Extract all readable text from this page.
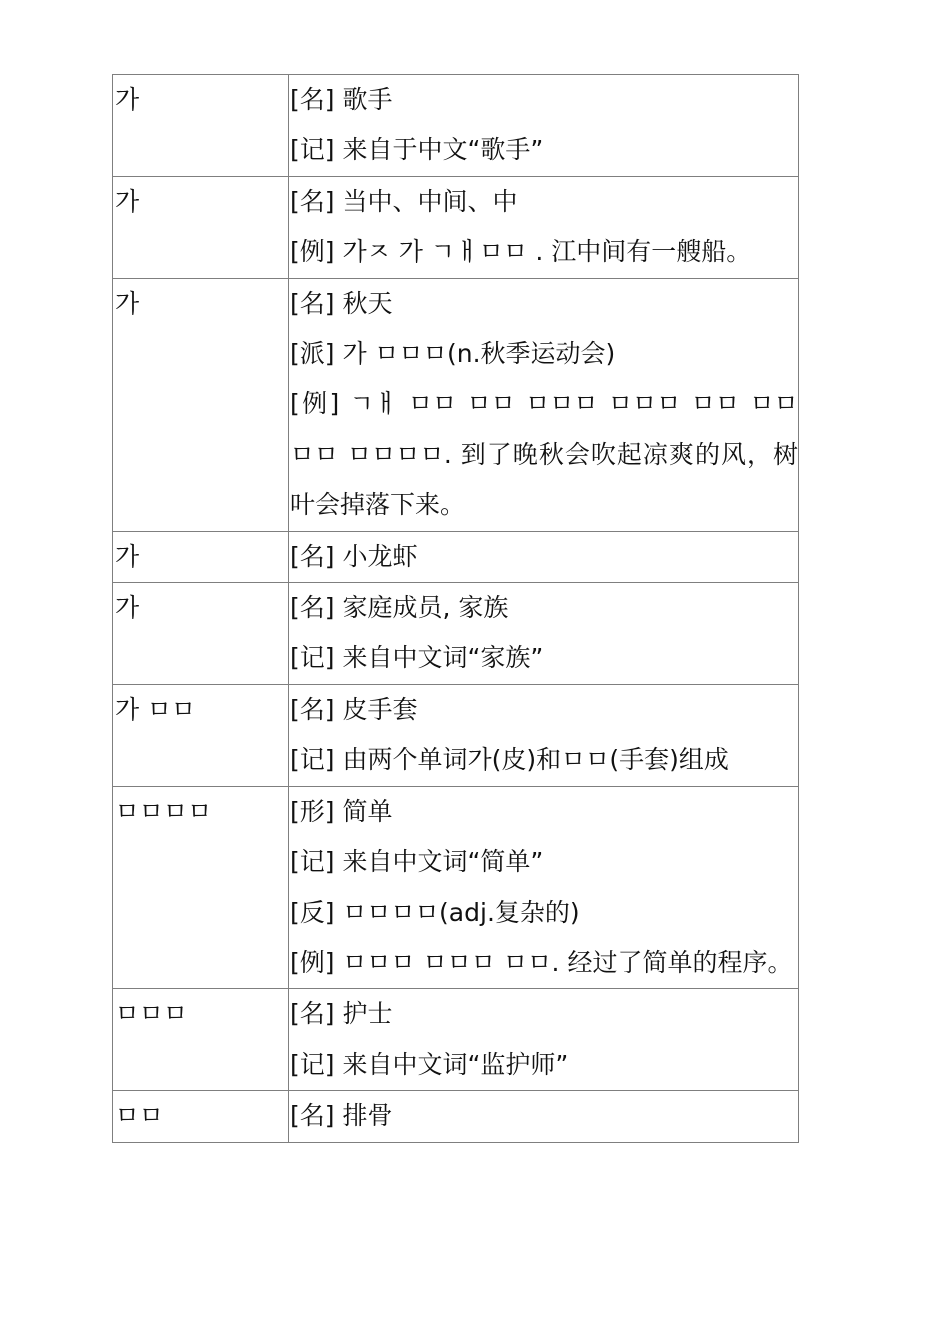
가	[名] 歌手
[记] 来自于中文“歌手”

가	[名] 当中、中间、中
[例] 가ㅈ 가 ㄱㅐㅁㅁ . 江中间有一艘船。

가	[名] 秋天
[派] 가 ㅁㅁㅁ(n.秋季运动会)
[例] ㄱㅐ ㅁㅁ ㅁㅁ ㅁㅁㅁ ㅁㅁㅁ ㅁㅁ ㅁㅁㅁㅁ ㅁㅁㅁㅁ. 到了晚秋会吹起凉爽的风，树叶会掉落下来。

가	[名] 小龙虾

가	[名] 家庭成员, 家族
[记] 来自中文词“家族”

가 ㅁㅁ	[名] 皮手套
[记] 由两个单词가(皮)和ㅁㅁ(手套)组成

ㅁㅁㅁㅁ	[形] 简单
[记] 来自中文词“简单”
[反] ㅁㅁㅁㅁ(adj.复杂的)
[例] ㅁㅁㅁ ㅁㅁㅁ ㅁㅁ. 经过了简单的程序。

ㅁㅁㅁ	[名] 护士
[记] 来自中文词“监护师”

ㅁㅁ	[名] 排骨
